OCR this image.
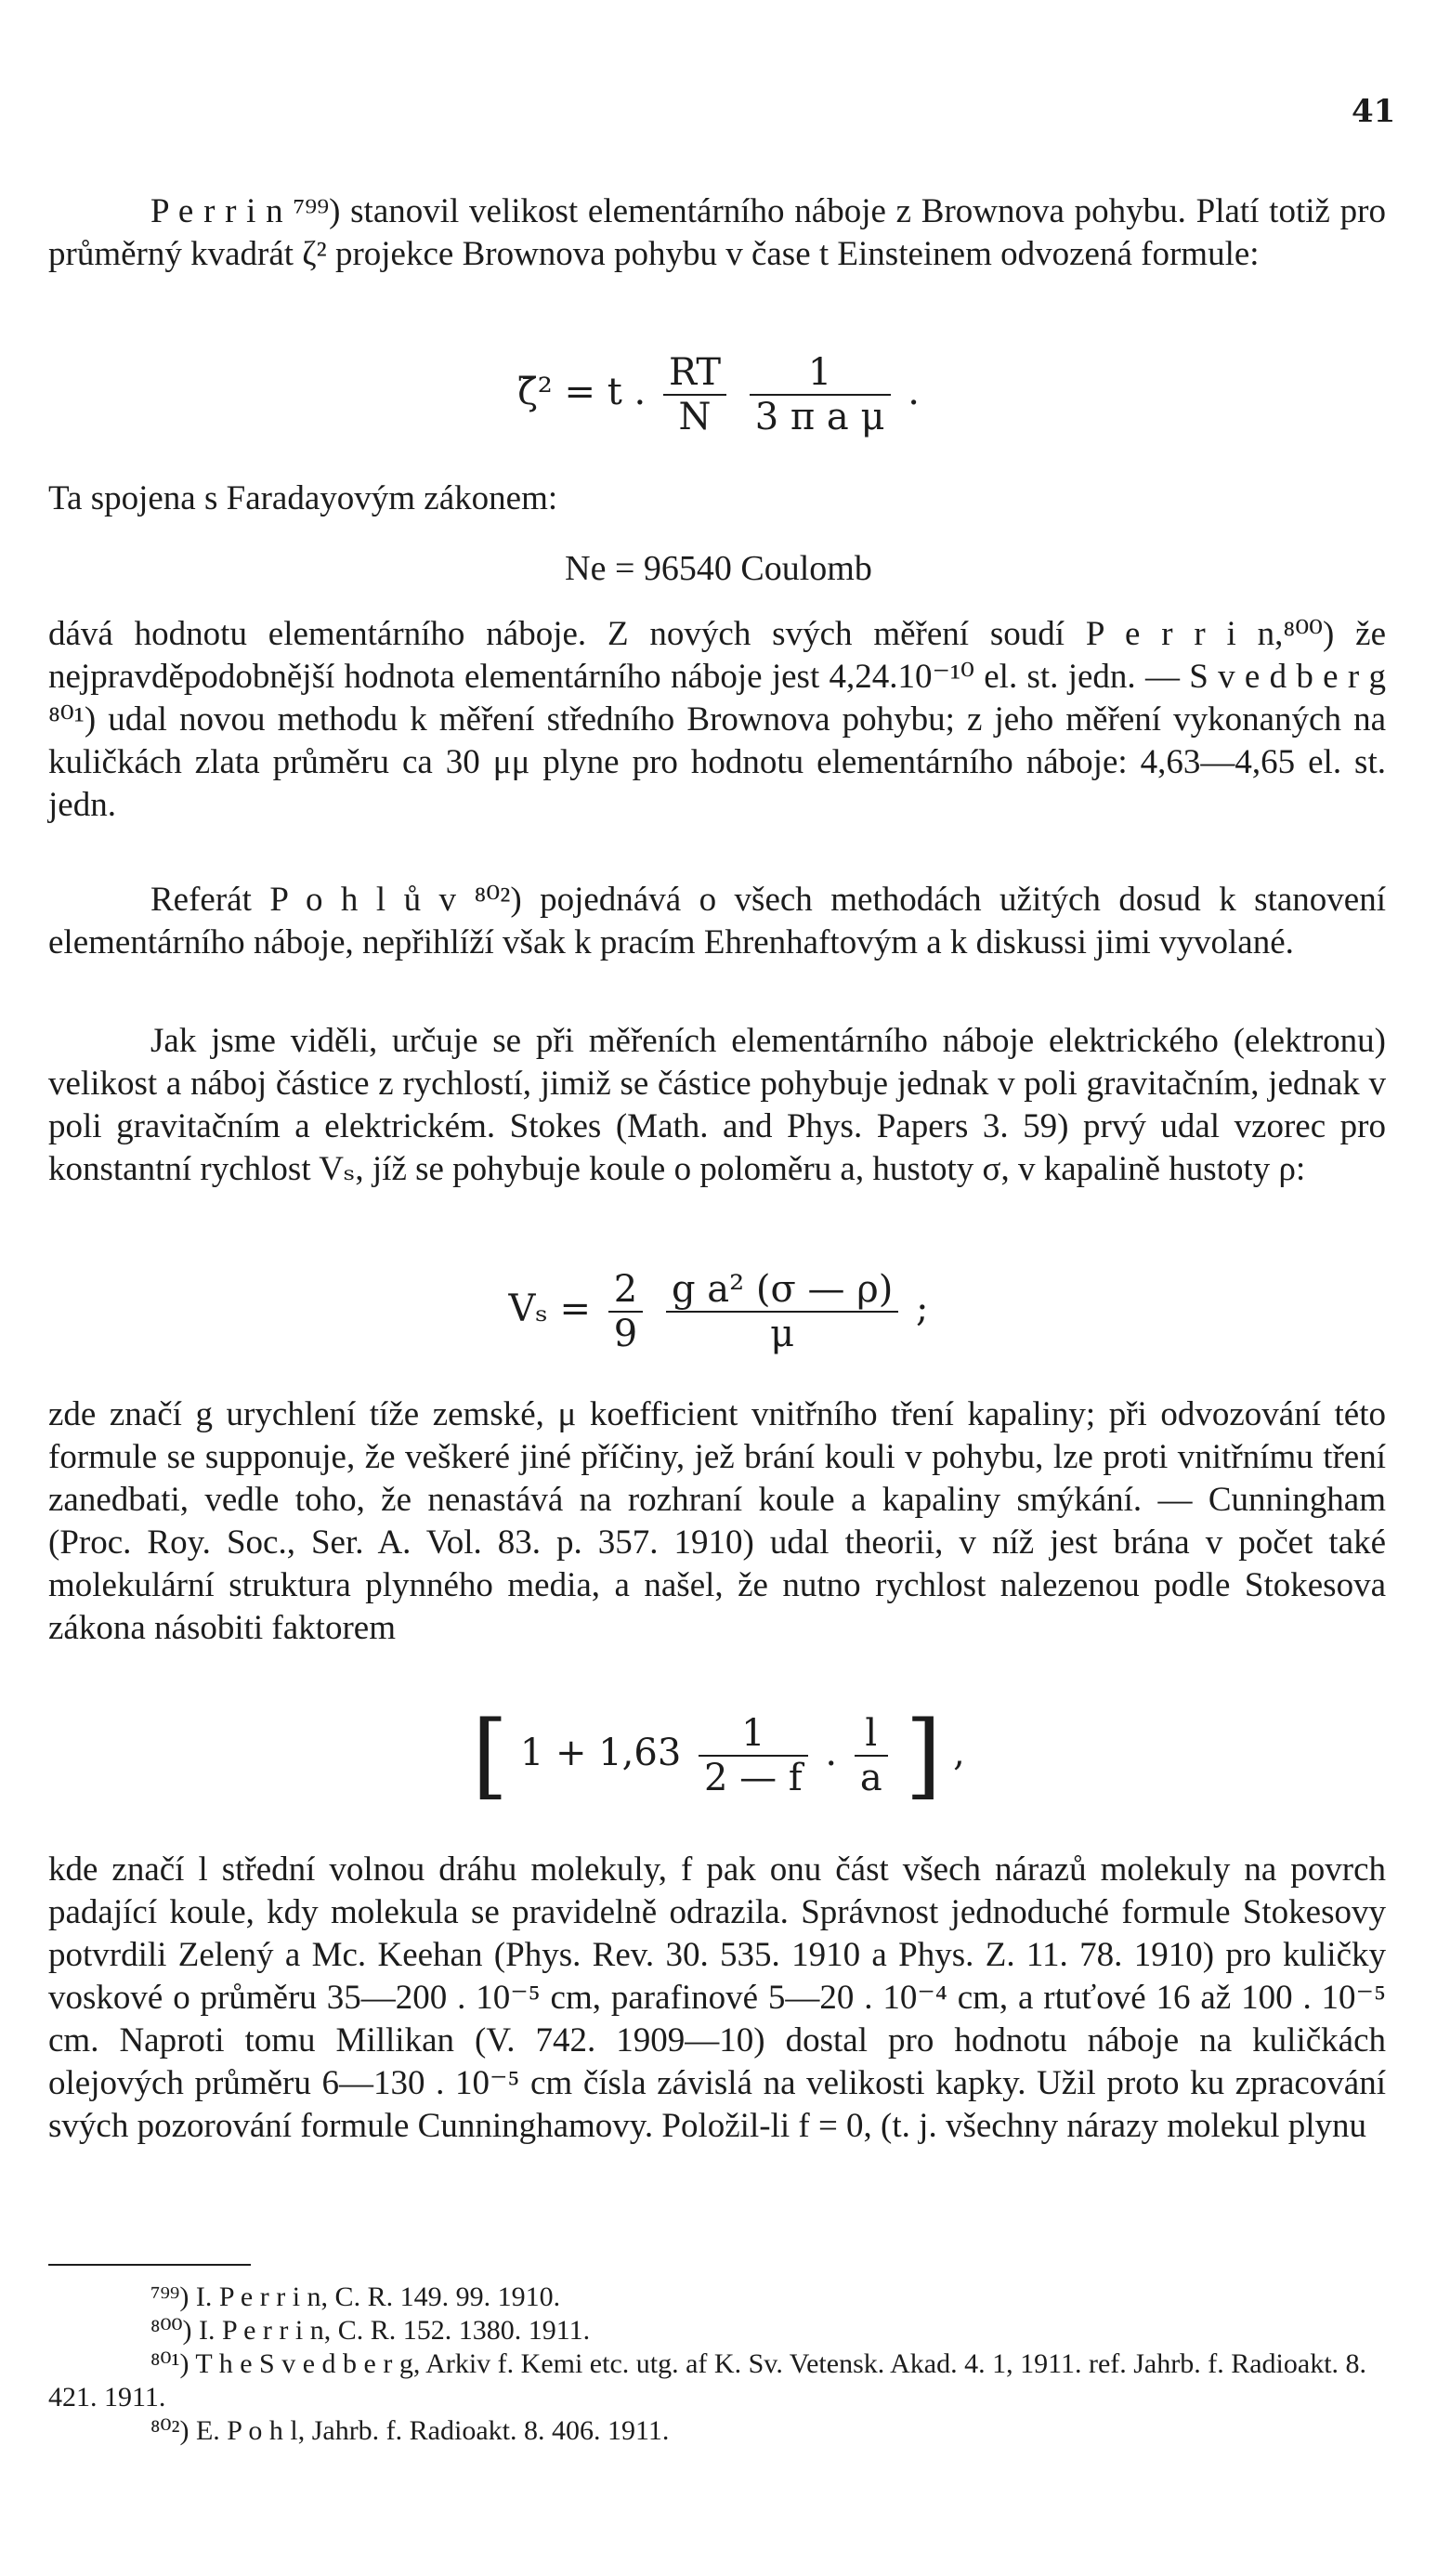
41
P e r r i n ⁷⁹⁹) stanovil velikost elementárního náboje z Brownova pohybu. Platí totiž pro průměrný kvadrát ζ² projekce Brownova pohybu v čase t Einsteinem odvozená formule:
ζ̄² = t . $\frac{RT}{N}$
$\frac{1}{\text{3 π a μ}}$ .
Ta spojena s Faradayovým zákonem:
Ne = 96540 Coulomb
dává hodnotu elementárního náboje. Z nových svých měření soudí P e r r i n,⁸⁰⁰) že nejpravděpodobnější hodnota elementárního náboje jest 4,24.10⁻¹⁰ el. st. jedn. — S v e d b e r g ⁸⁰¹) udal novou methodu k měření středního Brownova pohybu; z jeho měření vykonaných na kuličkách zlata průměru ca 30 μμ plyne pro hodnotu elementárního náboje: 4,63—4,65 el. st. jedn.
Referát P o h l ů v ⁸⁰²) pojednává o všech methodách užitých dosud k stanovení elementárního náboje, nepřihlíží však k pracím Ehrenhaftovým a k diskussi jimi vyvolané.
Jak jsme viděli, určuje se při měřeních elementárního náboje elektrického (elektronu) velikost a náboj částice z rychlostí, jimiž se částice pohybuje jednak v poli gravitačním, jednak v poli gravitačním a elektrickém. Stokes (Math. and Phys. Papers 3. 59) prvý udal vzorec pro konstantní rychlost Vₛ, jíž se pohybuje koule o poloměru a, hustoty σ, v kapalině hustoty ρ:
$V_s = \frac{2}{9}$
$\frac{\text{g a² (σ — ρ)}}{\mu}$ ;
zde značí g urychlení tíže zemské, μ koefficient vnitřního tření kapaliny; při odvozování této formule se supponuje, že veškeré jiné příčiny, jež brání kouli v pohybu, lze proti vnitřnímu tření zanedbati, vedle toho, že nenastává na rozhraní koule a kapaliny smýkání. — Cunningham (Proc. Roy. Soc., Ser. A. Vol. 83. p. 357. 1910) udal theorii, v níž jest brána v počet také molekulární struktura plynného media, a našel, že nutno rychlost nalezenou podle Stokesova zákona násobiti faktorem
[ $1 + 1,63 \frac{1}{2 — f}$ . $\frac{l}{a}$ ] ,
kde značí l střední volnou dráhu molekuly, f pak onu část všech nárazů molekuly na povrch padající koule, kdy molekula se pravidelně odrazila. Správnost jednoduché formule Stokesovy potvrdili Zelený a Mc. Keehan (Phys. Rev. 30. 535. 1910 a Phys. Z. 11. 78. 1910) pro kuličky voskové o průměru 35—200 . 10⁻⁵ cm, parafinové 5—20 . 10⁻⁴ cm, a rtuťové 16 až 100 . 10⁻⁵ cm. Naproti tomu Millikan (V. 742. 1909—10) dostal pro hodnotu náboje na kuličkách olejových průměru 6—130 . 10⁻⁵ cm čísla závislá na velikosti kapky. Užil proto ku zpracování svých pozorování formule Cunninghamovy. Položil-li f = 0, (t. j. všechny nárazy molekul plynu
⁷⁹⁹) I. P e r r i n, C. R. 149. 99. 1910.
⁸⁰⁰) I. P e r r i n, C. R. 152. 1380. 1911.
⁸⁰¹) T h e S v e d b e r g, Arkiv f. Kemi etc. utg. af K. Sv. Vetensk. Akad. 4. 1, 1911. ref. Jahrb. f. Radioakt. 8. 421. 1911.
⁸⁰²) E. P o h l, Jahrb. f. Radioakt. 8. 406. 1911.
